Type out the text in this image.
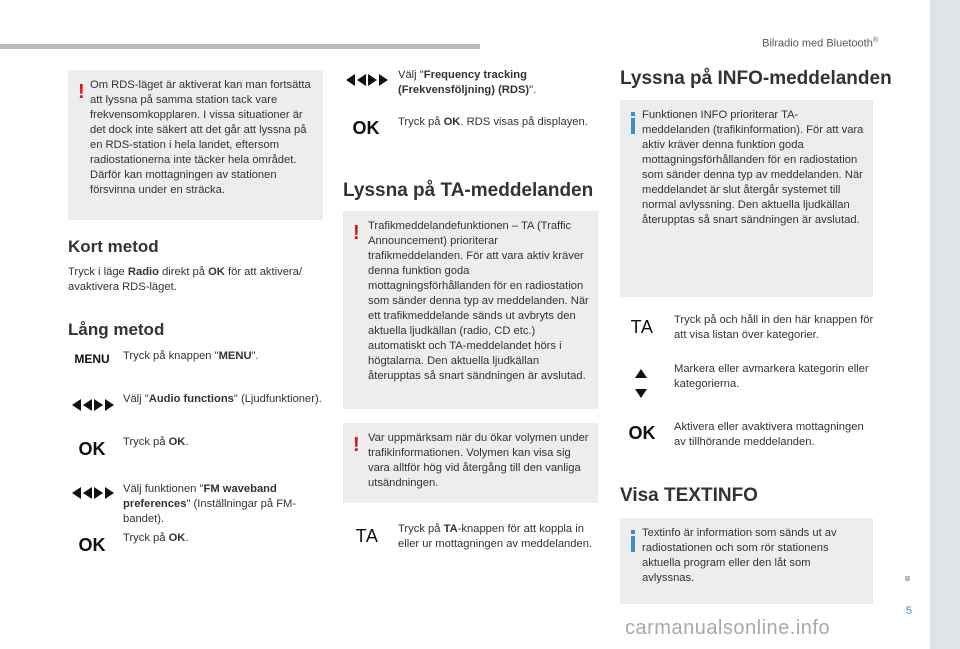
Bilradio med Bluetooth®
5
carmanualsonline.info
! Om RDS-läget är aktiverat kan man fortsätta att lyssna på samma station tack vare frekvensomkopplaren. I vissa situationer är det dock inte säkert att det går att lyssna på en RDS-station i hela landet, eftersom radiostationerna inte täcker hela området. Därför kan mottagningen av stationen försvinna under en sträcka.
Kort metod
Tryck i läge Radio direkt på OK för att aktivera/ avaktivera RDS-läget.
Lång metod
MENU	Tryck på knappen "MENU".
Välj "Audio functions" (Ljudfunktioner).
OK	Tryck på OK.
Välj funktionen "FM waveband preferences" (Inställningar på FM-bandet).
OK	Tryck på OK.
Välj "Frequency tracking (Frekvensföljning) (RDS)".
OK	Tryck på OK. RDS visas på displayen.
Lyssna på TA-meddelanden
! Trafikmeddelandefunktionen – TA (Traffic Announcement) prioriterar trafikmeddelanden. För att vara aktiv kräver denna funktion goda mottagningsförhållanden för en radiostation som sänder denna typ av meddelanden. När ett trafikmeddelande sänds ut avbryts den aktuella ljudkällan (radio, CD etc.) automatiskt och TA-meddelandet hörs i högtalarna. Den aktuella ljudkällan återupptas så snart sändningen är avslutad.
! Var uppmärksam när du ökar volymen under trafikinformationen. Volymen kan visa sig vara alltför hög vid återgång till den vanliga utsändningen.
TA	Tryck på TA-knappen för att koppla in eller ur mottagningen av meddelanden.
Lyssna på INFO-meddelanden
Funktionen INFO prioriterar TA-meddelanden (trafikinformation). För att vara aktiv kräver denna funktion goda mottagningsförhållanden för en radiostation som sänder denna typ av meddelanden. När meddelandet är slut återgår systemet till normal avlyssning. Den aktuella ljudkällan återupptas så snart sändningen är avslutad.
TA	Tryck på och håll in den här knappen för att visa listan över kategorier.
Markera eller avmarkera kategorin eller kategorierna.
OK	Aktivera eller avaktivera mottagningen av tillhörande meddelanden.
Visa TEXTINFO
Textinfo är information som sänds ut av radiostationen och som rör stationens aktuella program eller den låt som avlyssnas.
